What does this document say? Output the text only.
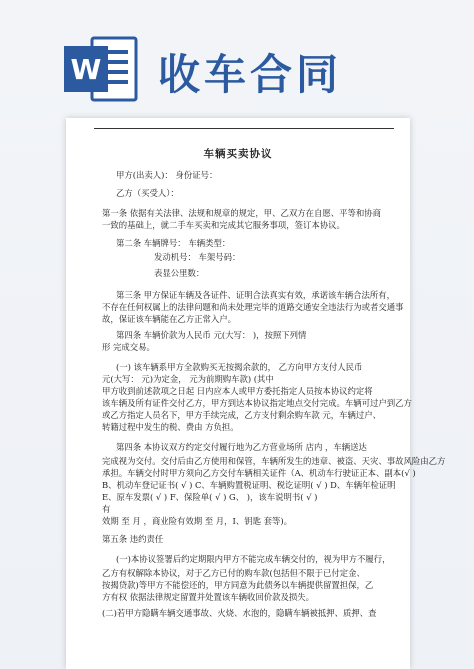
W 收车合同
车辆买卖协议
甲方(出卖人)： 身份证号：
乙方（买受人）：
第一条 依据有关法律、法规和规章的规定，甲、乙双方在自愿、平等和协商
一致的基础上，就二手车买卖和完成其它服务事项，签订本协议。
第二条 车辆牌号： 车辆类型：
发动机号： 车架号码：
表显公里数：
第三条 甲方保证车辆及各证件、证明合法真实有效，承诺该车辆合法所有，
不存在任何权属上的法律问题和尚未处理完毕的道路交通安全违法行为或者交通事
故，保证该车辆能在乙方正常入户。
第四条 车辆价款为人民币 元(大写： )，按照下列情
形 完成交易。
(一) 该车辆系甲方全款购买无按揭余款的， 乙方向甲方支付人民币
元(大写： 元)为定金， 元为前期购车款) (其中
甲方收到前述款项之日起 日内应本人或甲方委托指定人员按本协议约定将
该车辆及所有证件交付乙方，甲方到达本协议指定地点交付完成。车辆可过户到乙方
或乙方指定人员名下，甲方手续完成，乙方支付剩余购车款 元，车辆过户、
转籍过程中发生的税、费由 方负担。
第四条 本协议双方约定交付履行地为乙方营业场所 店内 ，车辆送达
完成视为交付。交付后由乙方使用和保管，车辆所发生的违章、被盗、天灾、事故风险由乙方
承担。车辆交付时甲方须向乙方交付车辆相关证件（A、机动车行驶证正本、副本(√ )
B、机动车登记证书( √ ) C、车辆购置税证明、税讫证明( √ ) D、车辆年检证明
E、原车发票( √ ) F、保险单( √ ) G、 )，该车说明书( √ )
有
效期 至 月 ，商业险有效期 至 月，I、钥匙 套等)。
第五条 违约责任
(一)本协议签署后约定期限内甲方不能完成车辆交付的，视为甲方不履行，
乙方有权解除本协议，对于乙方已付的购车款(包括但不限于已付定金、
按揭贷款)等甲方不能偿还的，甲方同意为此债务以车辆提供留置担保，乙
方有权 依据法律规定留置并处置该车辆收回价款及损失。
(二)若甲方隐瞒车辆交通事故、火烧、水泡的，隐瞒车辆被抵押、质押、查
